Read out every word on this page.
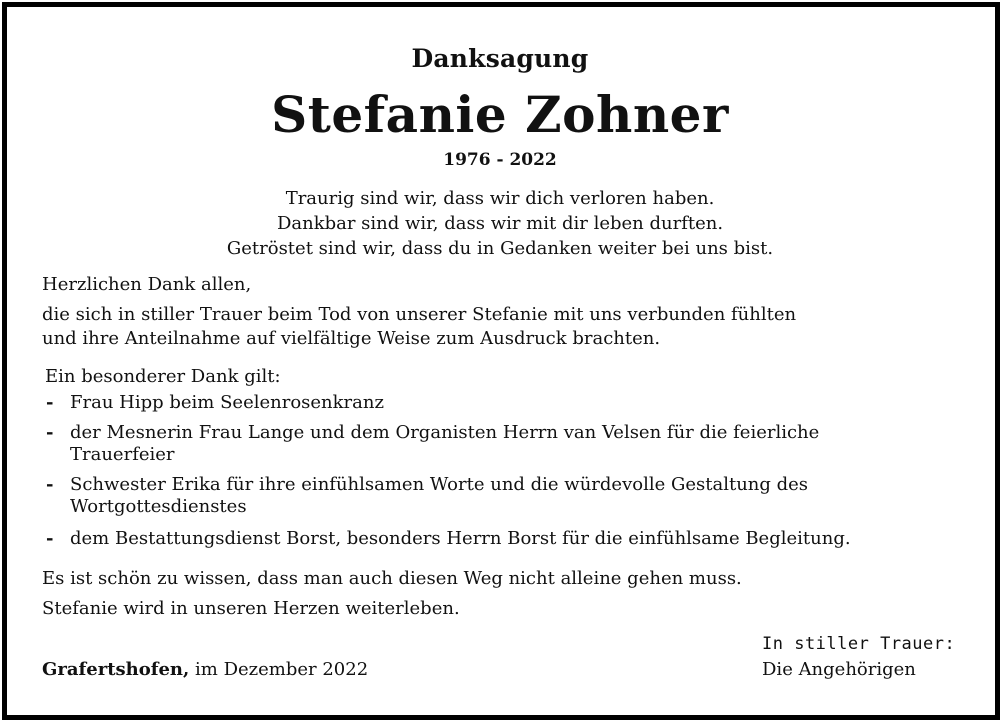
Danksagung
Stefanie Zohner
1976 - 2022
Traurig sind wir, dass wir dich verloren haben.
Dankbar sind wir, dass wir mit dir leben durften.
Getröstet sind wir, dass du in Gedanken weiter bei uns bist.
Herzlichen Dank allen,
die sich in stiller Trauer beim Tod von unserer Stefanie mit uns verbunden fühlten
und ihre Anteilnahme auf vielfältige Weise zum Ausdruck brachten.
Ein besonderer Dank gilt:
- Frau Hipp beim Seelenrosenkranz
- der Mesnerin Frau Lange und dem Organisten Herrn van Velsen für die feierliche
Trauerfeier
- Schwester Erika für ihre einfühlsamen Worte und die würdevolle Gestaltung des
Wortgottesdienstes
- dem Bestattungsdienst Borst, besonders Herrn Borst für die einfühlsame Begleitung.
Es ist schön zu wissen, dass man auch diesen Weg nicht alleine gehen muss.
Stefanie wird in unseren Herzen weiterleben.
Grafertshofen, im Dezember 2022
In stiller Trauer:
Die Angehörigen
